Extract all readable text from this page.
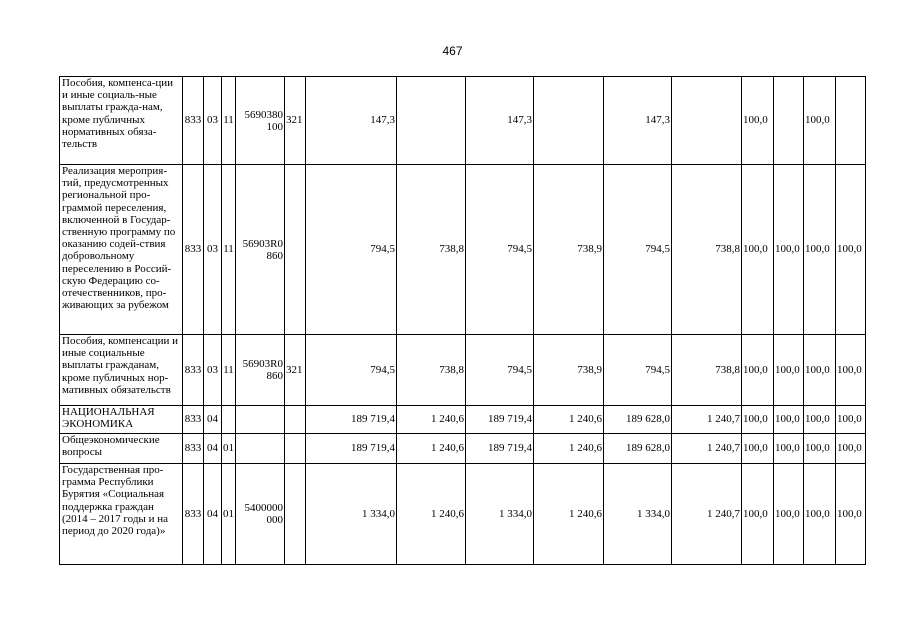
467
Пособия, компенса-ции и иные социаль-ные выплаты гражда-нам, кроме публичных нормативных обяза-тельств	833	03	11	5690380 100	321	147,3		147,3		147,3		100,0		100,0	
Реализация мероприя-тий, предусмотренных региональной про-граммой переселения, включенной в Государ-ственную программу по оказанию содей-ствия добровольному переселению в Россий-скую Федерацию со-отечественников, про-живающих за рубежом	833	03	11	56903R0 860		794,5	738,8	794,5	738,9	794,5	738,8	100,0	100,0	100,0	100,0
Пособия, компенсации и иные социальные выплаты гражданам, кроме публичных нор-мативных обязательств	833	03	11	56903R0 860	321	794,5	738,8	794,5	738,9	794,5	738,8	100,0	100,0	100,0	100,0
НАЦИОНАЛЬНАЯ ЭКОНОМИКА	833	04				189 719,4	1 240,6	189 719,4	1 240,6	189 628,0	1 240,7	100,0	100,0	100,0	100,0
Общеэкономические вопросы	833	04	01			189 719,4	1 240,6	189 719,4	1 240,6	189 628,0	1 240,7	100,0	100,0	100,0	100,0
Государственная про-грамма Республики Бурятия «Социальная поддержка граждан (2014 – 2017 годы и на период до 2020 года)»	833	04	01	5400000 000		1 334,0	1 240,6	1 334,0	1 240,6	1 334,0	1 240,7	100,0	100,0	100,0	100,0
